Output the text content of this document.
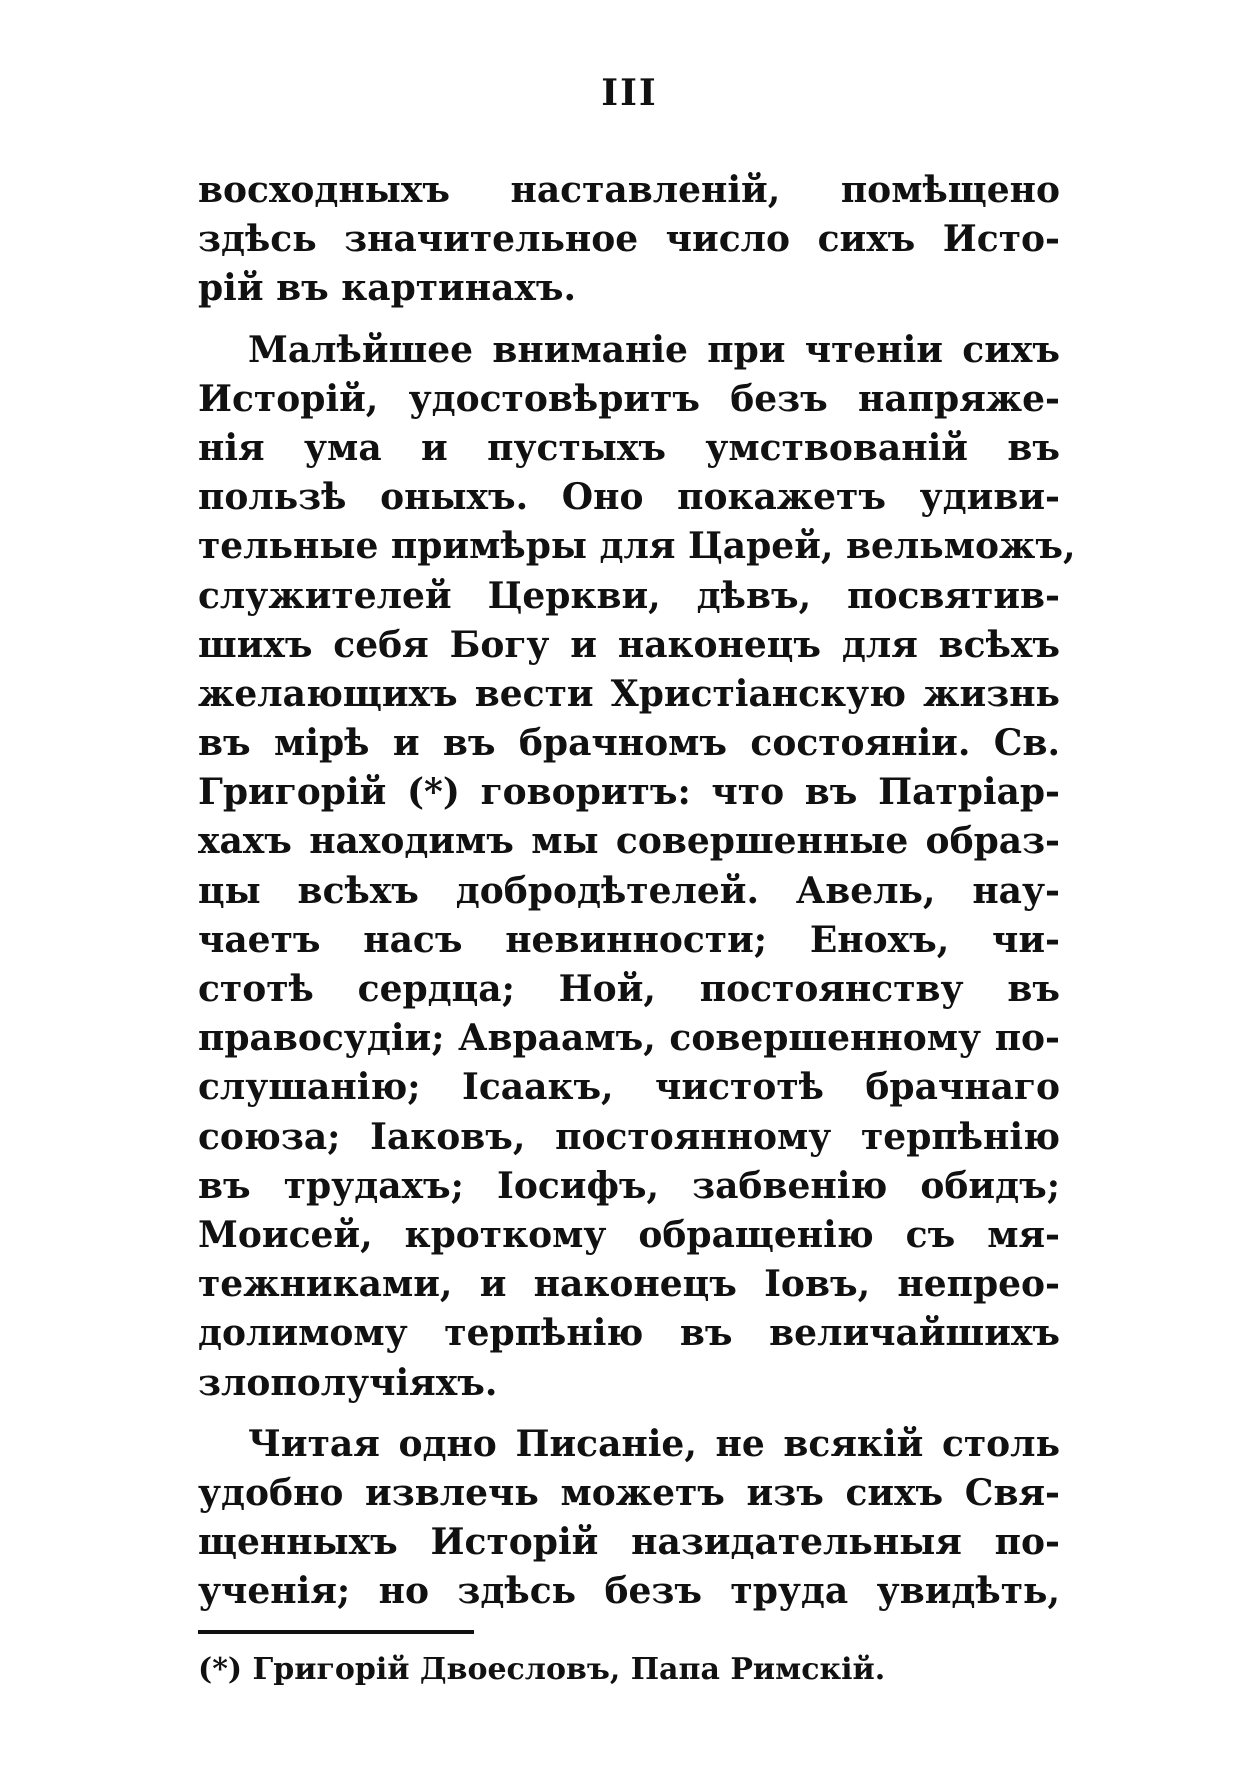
III
восходныхъ наставленій, помѣщено
здѣсь значительное число сихъ Исто-
рій въ картинахъ.
Малѣйшее вниманіе при чтеніи сихъ
Исторій, удостовѣритъ безъ напряже-
нія ума и пустыхъ умствованій въ
пользѣ оныхъ. Оно покажетъ удиви-
тельные примѣры для Царей, вельможъ,
служителей Церкви, дѣвъ, посвятив-
шихъ себя Богу и наконецъ для всѣхъ
желающихъ вести Христіанскую жизнь
въ мірѣ и въ брачномъ состояніи. Св.
Григорій (*) говоритъ: что въ Патріар-
хахъ находимъ мы совершенные образ-
цы всѣхъ добродѣтелей. Авель, нау-
чаетъ насъ невинности; Енохъ, чи-
стотѣ сердца; Ной, постоянству въ
правосудіи; Авраамъ, совершенному по-
слушанію; Ісаакъ, чистотѣ брачнаго
союза; Іаковъ, постоянному терпѣнію
въ трудахъ; Іосифъ, забвенію обидъ;
Моисей, кроткому обращенію съ мя-
тежниками, и наконецъ Іовъ, непрео-
долимому терпѣнію въ величайшихъ
злополучіяхъ.
Читая одно Писаніе, не всякій столь
удобно извлечь можетъ изъ сихъ Свя-
щенныхъ Исторій назидательныя по-
ученія; но здѣсь безъ труда увидѣть,
(*) Григорій Двоесловъ, Папа Римскій.
